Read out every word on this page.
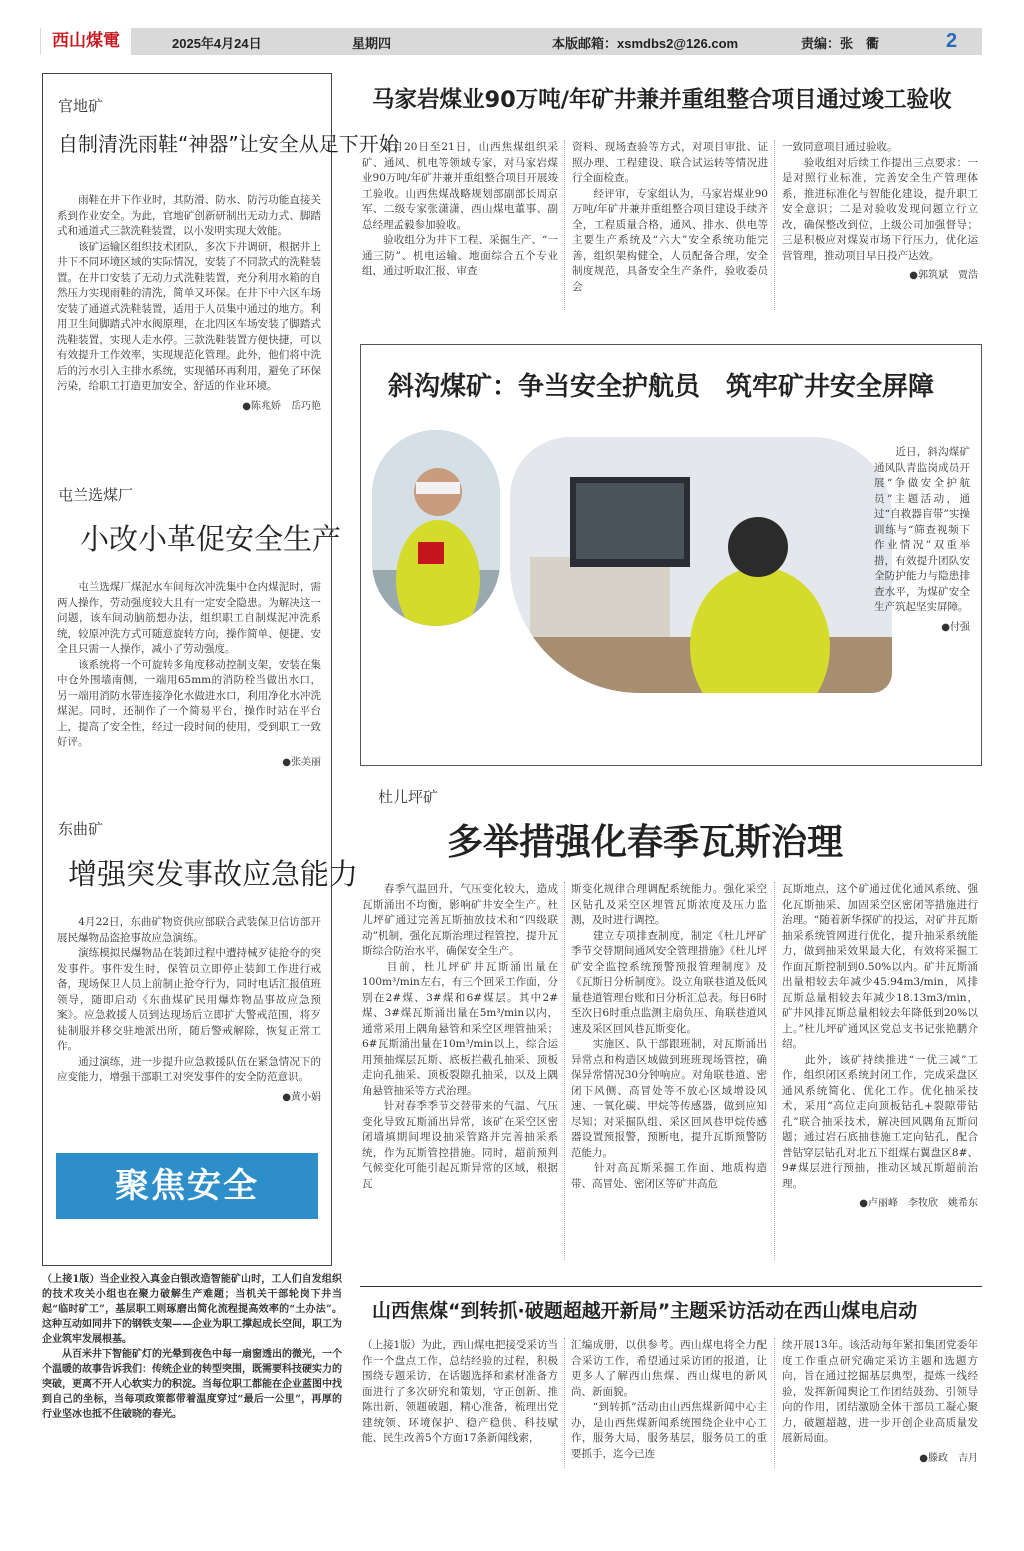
西山煤電	2025年4月24日	星期四	本版邮箱：xsmdbs2@126.com	责编：张　衢	2
官地矿
自制清洗雨鞋“神器”让安全从足下开始

　　雨鞋在井下作业时，其防滑、防水、防污功能直接关系到作业安全。为此，官地矿创新研制出无动力式、脚踏式和通道式三款洗鞋装置，以小发明实现大效能。

　　该矿运输区组织技术团队，多次下井调研，根据井上井下不同环境区域的实际情况，安装了不同款式的洗鞋装置。在井口安装了无动力式洗鞋装置，充分利用水箱的自然压力实现雨鞋的清洗，简单又环保。在井下中六区车场安装了通道式洗鞋装置，适用于人员集中通过的地方。利用卫生间脚踏式冲水阀原理，在北四区车场安装了脚踏式洗鞋装置，实现人走水停。三款洗鞋装置方便快捷，可以有效提升工作效率，实现规范化管理。此外，他们将中洗后的污水引入主排水系统，实现循环再利用，避免了环保污染，给职工打造更加安全、舒适的作业环境。

●陈兆娇　岳巧艳

屯兰选煤厂
小改小革促安全生产

　　屯兰选煤厂煤泥水车间每次冲洗集中仓内煤泥时，需两人操作，劳动强度较大且有一定安全隐患。为解决这一问题，该车间动脑筋想办法，组织职工自制煤泥冲洗系统，较原冲洗方式可随意旋转方向，操作简单、便捷、安全且只需一人操作，减小了劳动强度。

　　该系统将一个可旋转多角度移动控制支架，安装在集中仓外围墙南侧，一端用65mm的消防栓当做出水口，另一端用消防水带连接净化水做进水口，利用净化水冲洗煤泥。同时，还制作了一个简易平台，操作时站在平台上，提高了安全性，经过一段时间的使用，受到职工一致好评。

●张美丽

东曲矿
增强突发事故应急能力

　　4月22日，东曲矿物资供应部联合武装保卫信访部开展民爆物品盗抢事故应急演练。

　　演练模拟民爆物品在装卸过程中遭持械歹徒抢夺的突发事件。事件发生时，保管员立即停止装卸工作进行戒备，现场保卫人员上前制止抢夺行为，同时电话汇报值班领导，随即启动《东曲煤矿民用爆炸物品事故应急预案》。应急救援人员到达现场后立即扩大警戒范围，将歹徒制服并移交驻地派出所，随后警戒解除，恢复正常工作。

　　通过演练，进一步提升应急救援队伍在紧急情况下的应变能力，增强干部职工对突发事件的安全防范意识。

●黄小娟

聚焦安全

（上接1版）当企业投入真金白银改造智能矿山时，工人们自发组织的技术攻关小组也在聚力破解生产难题；当机关干部轮岗下井当起“临时矿工”，基层职工则琢磨出简化流程提高效率的“土办法”。这种互动如同井下的钢铁支架——企业为职工撑起成长空间，职工为企业筑牢发展根基。
　　从百米井下智能矿灯的光晕到夜色中每一扇窗透出的微光，一个个温暖的故事告诉我们：传统企业的转型突围，既需要科技硬实力的突破，更离不开人心软实力的积淀。当每位职工都能在企业蓝图中找到自己的坐标，当每项政策都带着温度穿过“最后一公里”，再厚的行业坚冰也抵不住破晓的春光。

马家岩煤业90万吨/年矿井兼并重组整合项目通过竣工验收

　　4月20日至21日，山西焦煤组织采矿、通风、机电等领域专家，对马家岩煤业90万吨/年矿井兼并重组整合项目开展竣工验收。山西焦煤战略规划部副部长周京军、二级专家张潇潇，西山煤电董事、副总经理孟毅参加验收。
　　验收组分为井下工程、采掘生产、“一通三防”、机电运输、地面综合五个专业组，通过听取汇报、审查

资料、现场查验等方式，对项目审批、证照办理、工程建设、联合试运转等情况进行全面检查。
　　经评审，专家组认为，马家岩煤业90万吨/年矿井兼并重组整合项目建设手续齐全，工程质量合格，通风、排水、供电等主要生产系统及“六大”安全系统功能完善，组织架构健全，人员配备合理，安全制度规范，具备安全生产条件，验收委员会

一致同意项目通过验收。
　　验收组对后续工作提出三点要求：一是对照行业标准，完善安全生产管理体系，推进标准化与智能化建设，提升职工安全意识；二是对验收发现问题立行立改，确保整改到位，上级公司加强督导；三是积极应对煤炭市场下行压力，优化运营管理，推动项目早日投产达效。

●郭筑斌　贾浩

斜沟煤矿：争当安全护航员　筑牢矿井安全屏障

　　近日，斜沟煤矿通风队青监岗成员开展“争做安全护航员”主题活动，通过“自救器盲带”实操训练与“筛查视频下作业情况”双重举措，有效提升团队安全防护能力与隐患排查水平，为煤矿安全生产筑起坚实屏障。

●付强

杜儿坪矿
多举措强化春季瓦斯治理

　　春季气温回升，气压变化较大，造成瓦斯涌出不均衡，影响矿井安全生产。杜儿坪矿通过完善瓦斯抽放技术和“四级联动”机制，强化瓦斯治理过程管控，提升瓦斯综合防治水平，确保安全生产。
　　目前，杜儿坪矿井瓦斯涌出量在100m³/min左右，有三个回采工作面，分别在2#煤、3#煤和6#煤层。其中2#煤、3#煤瓦斯涌出量在5m³/min以内，通常采用上隅角悬管和采空区埋管抽采；6#瓦斯涌出量在10m³/min以上，综合运用预抽煤层瓦斯、底板拦截孔抽采、顶板走向孔抽采、顶板裂隙孔抽采，以及上隅角悬管抽采等方式治理。
　　针对春季季节交替带来的气温、气压变化导致瓦斯涌出异常，该矿在采空区密闭墙填期间埋设抽采管路并完善抽采系统，作为瓦斯管控措施。同时，超前预判气候变化可能引起瓦斯异常的区域，根据瓦

斯变化规律合理调配系统能力。强化采空区钻孔及采空区埋管瓦斯浓度及压力监测，及时进行调控。
　　建立专项排查制度，制定《杜儿坪矿季节交替期间通风安全管理措施》《杜儿坪矿安全监控系统预警预报管理制度》及《瓦斯日分析制度》。设立角联巷道及低风量巷道管理台账和日分析汇总表。每日6时至次日6时重点监测主扇负压、角联巷道风速及采区回风巷瓦斯变化。
　　实施区、队干部跟班制，对瓦斯涌出异常点和构造区域做到班班现场管控，确保异常情况30分钟响应。对角联巷道、密闭下风侧、高冒处等不放心区域增设风速、一氧化碳、甲烷等传感器，做到应知尽知；对采掘队组、采区回风巷甲烷传感器设置预报警，预断电，提升瓦斯预警防范能力。
　　针对高瓦斯采掘工作面、地质构造带、高冒处、密闭区等矿井高危

瓦斯地点，这个矿通过优化通风系统、强化瓦斯抽采、加固采空区密闭等措施进行治理。“随着新华探矿的投运，对矿井瓦斯抽采系统管网进行优化，提升抽采系统能力，做到抽采效果最大化，有效将采掘工作面瓦斯控制到0.50%以内。矿井瓦斯涌出量相较去年减少45.94m3/min，风排瓦斯总量相较去年减少18.13m3/min，矿井风排瓦斯总量相较去年降低到20%以上。”杜儿坪矿通风区党总支书记张艳鹏介绍。
　　此外，该矿持续推进“一优三减”工作，组织闭区系统封闭工作，完成采盘区通风系统简化、优化工作。优化抽采技术，采用“高位走向顶板钻孔+裂隙带钻孔”联合抽采技术，解决回风隅角瓦斯问题；通过岩石底抽巷施工定向钻孔，配合普钻穿层钻孔对北五下组煤右翼盘区8#、9#煤层进行预抽，推动区域瓦斯超前治理。

●卢丽峰　李牧欣　姚希东

山西焦煤“到转抓·破题超越开新局”主题采访活动在西山煤电启动

（上接1版）为此，西山煤电把接受采访当作一个盘点工作，总结经验的过程，积极围绕专题采访，在话题选择和素材准备方面进行了多次研究和策划，守正创新、推陈出新，领题破题，精心准备，梳理出党建统领、环境保护、稳产稳供、科技赋能、民生改善5个方面17条新闻线索，

汇编成册，以供参考。西山煤电将全力配合采访工作，希望通过采访团的报道，让更多人了解西山焦煤、西山煤电的新风尚、新面貌。
　　“到转抓”活动由山西焦煤新闻中心主办，是山西焦煤新闻系统围绕企业中心工作，服务大局，服务基层，服务员工的重要抓手，迄今已连

续开展13年。该活动每年紧扣集团党委年度工作重点研究确定采访主题和选题方向，旨在通过挖掘基层典型，提炼一线经验，发挥新闻舆论工作团结鼓劲、引领导向的作用，团结激励全体干部员工凝心聚力，破题超越，进一步开创企业高质量发展新局面。

●滕政　吉月
